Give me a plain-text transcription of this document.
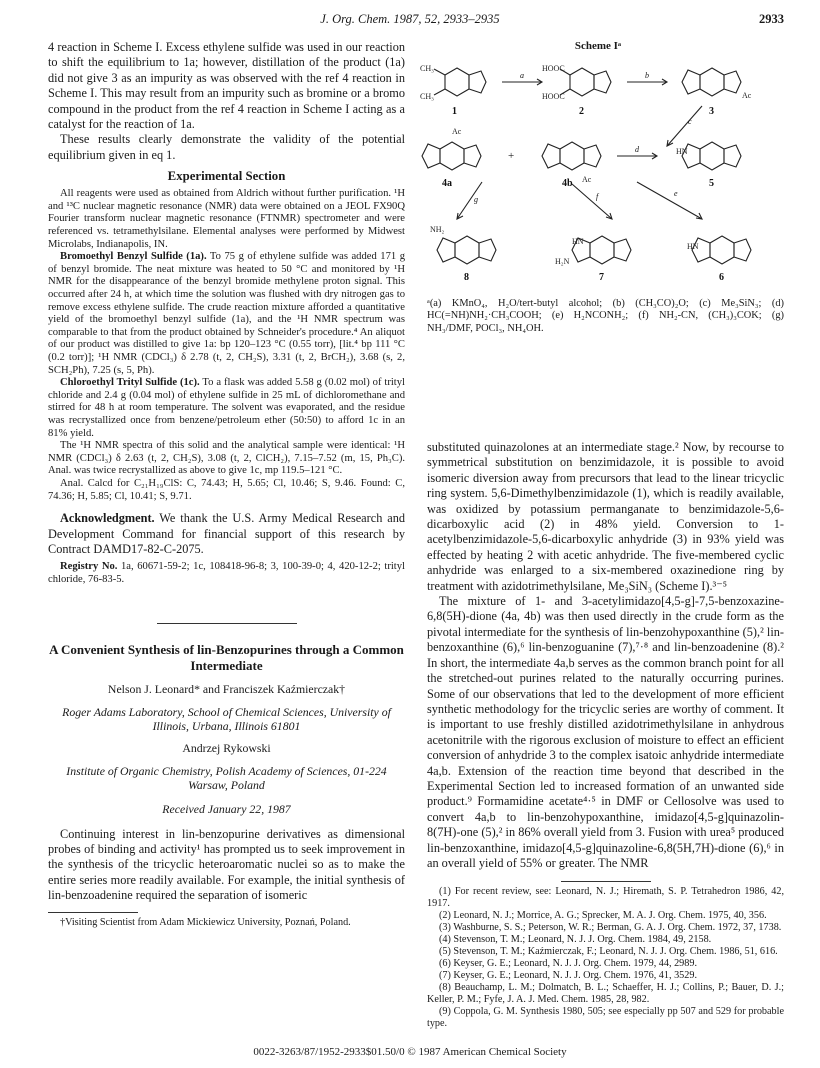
J. Org. Chem. 1987, 52, 2933–2935	2933

4 reaction in Scheme I. Excess ethylene sulfide was used in our reaction to shift the equilibrium to 1a; however, distillation of the product (1a) did not give 3 as an impurity as was observed with the ref 4 reaction in Scheme I. This may result from an impurity such as bromine or a bromo compound in the product from the ref 4 reaction in Scheme I acting as a catalyst for the reaction of 1a.

These results clearly demonstrate the validity of the potential equilibrium given in eq 1.

Experimental Section

All reagents were used as obtained from Aldrich without further purification. ¹H and ¹³C nuclear magnetic resonance (NMR) data were obtained on a JEOL FX90Q Fourier transform nuclear magnetic resonance (FTNMR) spectrometer and were referenced vs. tetramethylsilane. Elemental analyses were performed by Midwest Microlabs, Indianapolis, IN.

Bromoethyl Benzyl Sulfide (1a). To 75 g of ethylene sulfide was added 171 g of benzyl bromide. The neat mixture was heated to 50 °C and monitored by ¹H NMR for the disappearance of the benzyl bromide methylene proton signal. This occurred after 24 h, at which time the solution was flushed with dry nitrogen gas to remove excess ethylene sulfide. The crude reaction mixture afforded a quantitative yield of the bromoethyl benzyl sulfide (1a), and the ¹H NMR spectrum was comparable to that from the product obtained by Schneider's procedure.⁴ An aliquot of our product was distilled to give 1a: bp 120–123 °C (0.55 torr), [lit.⁴ bp 111 °C (0.2 torr)]; ¹H NMR (CDCl₃) δ 2.78 (t, 2, CH₂S), 3.31 (t, 2, BrCH₂), 3.68 (s, 2, SCH₂Ph), 7.25 (s, 5, Ph).

Chloroethyl Trityl Sulfide (1c). To a flask was added 5.58 g (0.02 mol) of trityl chloride and 2.4 g (0.04 mol) of ethylene sulfide in 25 mL of dichloromethane and stirred for 48 h at room temperature. The solvent was evaporated, and the residue was recrystallized once from benzene/petroleum ether (50:50) to afford 1c in an 81% yield.

The ¹H NMR spectra of this solid and the analytical sample were identical: ¹H NMR (CDCl₃) δ 2.63 (t, 2, CH₂S), 3.08 (t, 2, ClCH₂), 7.15–7.52 (m, 15, Ph₃C). Anal. was twice recrystallized as above to give 1c, mp 119.5–121 °C.

Anal. Calcd for C₂₁H₁₉ClS: C, 74.43; H, 5.65; Cl, 10.46; S, 9.46. Found: C, 74.36; H, 5.85; Cl, 10.41; S, 9.71.

Acknowledgment. We thank the U.S. Army Medical Research and Development Command for financial support of this research by Contract DAMD17-82-C-2075.

Registry No. 1a, 60671-59-2; 1c, 108418-96-8; 3, 100-39-0; 4, 420-12-2; trityl chloride, 76-83-5.

A Convenient Synthesis of lin-Benzopurines through a Common Intermediate
Nelson J. Leonard* and Franciszek Kaźmierczak†
Roger Adams Laboratory, School of Chemical Sciences, University of Illinois, Urbana, Illinois 61801
Andrzej Rykowski
Institute of Organic Chemistry, Polish Academy of Sciences, 01-224 Warsaw, Poland
Received January 22, 1987

Continuing interest in lin-benzopurine derivatives as dimensional probes of binding and activity¹ has prompted us to seek improvement in the synthesis of the tricyclic heteroaromatic nuclei so as to make the entire series more readily available. For example, the initial synthesis of lin-benzoadenine required the separation of isomeric

†Visiting Scientist from Adam Mickiewicz University, Poznań, Poland.

Scheme Iᵃ
CH₃
CH₃
HOOC
HOOC	Ac
Ac
Ac
NH₂
H₂N
HN
HN
HN
+
1	2	3
4a	4b	5
6
7
8
a	b
c
d
e
f
g
ᵃ(a) KMnO₄, H₂O/tert-butyl alcohol; (b) (CH₃CO)₂O; (c) Me₃SiN₃; (d) HC(=NH)NH₂·CH₃COOH; (e) H₂NCONH₂; (f) NH₂-CN, (CH₃)₃COK; (g) NH₃/DMF, POCl₃, NH₄OH.

substituted quinazolones at an intermediate stage.² Now, by recourse to symmetrical substitution on benzimidazole, it is possible to avoid isomeric diversion away from precursors that lead to the linear tricyclic ring system. 5,6-Dimethylbenzimidazole (1), which is readily available, was oxidized by potassium permanganate to benzimidazole-5,6-dicarboxylic acid (2) in 48% yield. Conversion to 1-acetylbenzimidazole-5,6-dicarboxylic anhydride (3) in 93% yield was effected by heating 2 with acetic anhydride. The five-membered cyclic anhydride was enlarged to a six-membered oxazinedione ring by treatment with azidotrimethylsilane, Me₃SiN₃ (Scheme I).³⁻⁵

The mixture of 1- and 3-acetylimidazo[4,5-g]-7,5-benzoxazine-6,8(5H)-dione (4a, 4b) was then used directly in the crude form as the pivotal intermediate for the synthesis of lin-benzohypoxanthine (5),² lin-benzoxanthine (6),⁶ lin-benzoguanine (7),⁷·⁸ and lin-benzoadenine (8).² In short, the intermediate 4a,b serves as the common branch point for all the stretched-out purines related to the naturally occurring purines. Some of our observations that led to the development of more efficient synthetic methodology for the tricyclic series are worthy of comment. It is important to use freshly distilled azidotrimethylsilane in anhydrous acetonitrile with the rigorous exclusion of moisture to effect an efficient conversion of anhydride 3 to the complex isatoic anhydride intermediate 4a,b. Extension of the reaction time beyond that described in the Experimental Section led to increased formation of an unwanted side product.⁹ Formamidine acetate⁴·⁵ in DMF or Cellosolve was used to convert 4a,b to lin-benzohypoxanthine, imidazo[4,5-g]quinazolin-8(7H)-one (5),² in 86% overall yield from 3. Fusion with urea⁵ produced lin-benzoxanthine, imidazo[4,5-g]quinazoline-6,8(5H,7H)-dione (6),⁶ in an overall yield of 55% or greater. The NMR

(1) For recent review, see: Leonard, N. J.; Hiremath, S. P. Tetrahedron 1986, 42, 1917.

(2) Leonard, N. J.; Morrice, A. G.; Sprecker, M. A. J. Org. Chem. 1975, 40, 356.

(3) Washburne, S. S.; Peterson, W. R.; Berman, G. A. J. Org. Chem. 1972, 37, 1738.

(4) Stevenson, T. M.; Leonard, N. J. J. Org. Chem. 1984, 49, 2158.

(5) Stevenson, T. M.; Kaźmierczak, F.; Leonard, N. J. J. Org. Chem. 1986, 51, 616.

(6) Keyser, G. E.; Leonard, N. J. J. Org. Chem. 1979, 44, 2989.

(7) Keyser, G. E.; Leonard, N. J. J. Org. Chem. 1976, 41, 3529.

(8) Beauchamp, L. M.; Dolmatch, B. L.; Schaeffer, H. J.; Collins, P.; Bauer, D. J.; Keller, P. M.; Fyfe, J. A. J. Med. Chem. 1985, 28, 982.

(9) Coppola, G. M. Synthesis 1980, 505; see especially pp 507 and 529 for probable type.

0022-3263/87/1952-2933$01.50/0 © 1987 American Chemical Society
